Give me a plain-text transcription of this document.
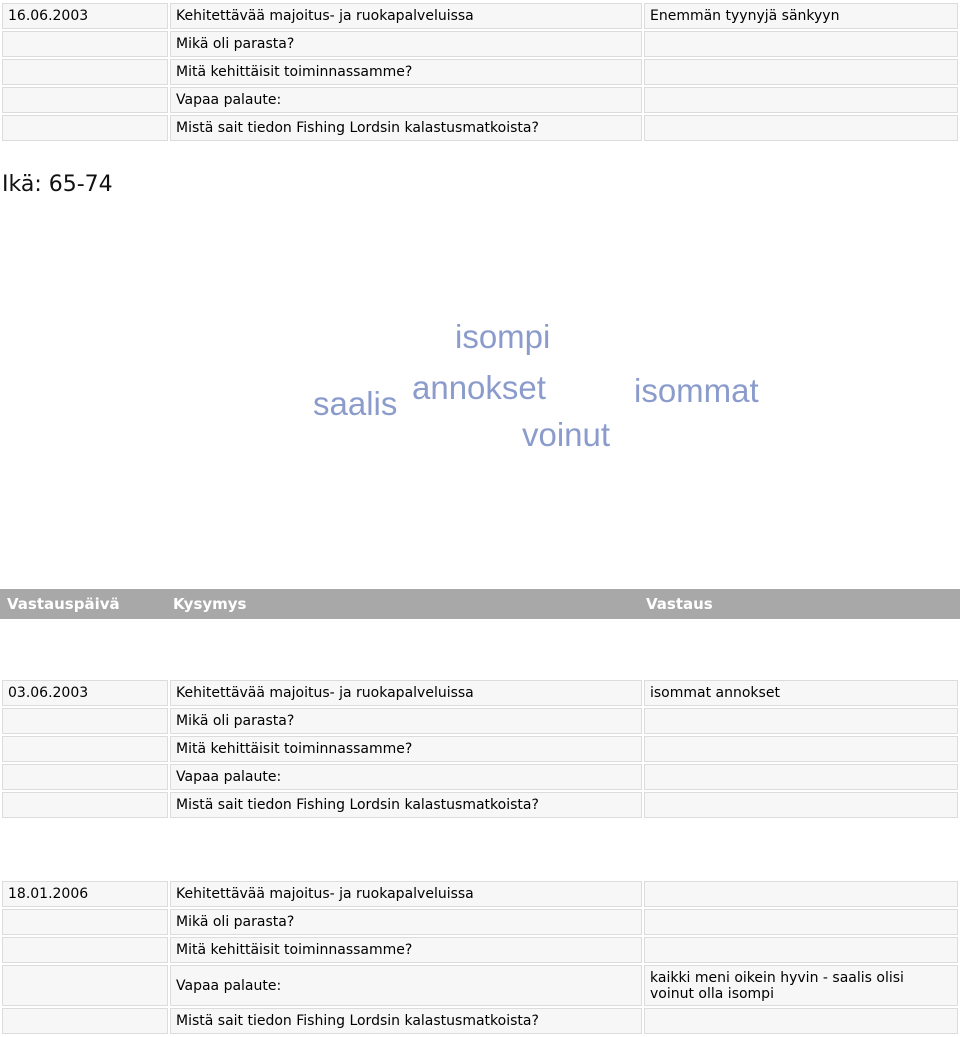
16.06.2003	Kehitettävää majoitus- ja ruokapalveluissa	Enemmän tyynyjä sänkyyn
	Mikä oli parasta?	
	Mitä kehittäisit toiminnassamme?	
	Vapaa palaute:	
	Mistä sait tiedon Fishing Lordsin kalastusmatkoista?	
Ikä: 65-74
isompi
saalis annokset	isommat
voinut
Vastauspäivä	Kysymys	Vastaus
03.06.2003	Kehitettävää majoitus- ja ruokapalveluissa	isommat annokset
	Mikä oli parasta?	
	Mitä kehittäisit toiminnassamme?	
	Vapaa palaute:	
	Mistä sait tiedon Fishing Lordsin kalastusmatkoista?	
18.01.2006	Kehitettävää majoitus- ja ruokapalveluissa	
	Mikä oli parasta?	
	Mitä kehittäisit toiminnassamme?	
	Vapaa palaute:	kaikki meni oikein hyvin - saalis olisi voinut olla isompi
	Mistä sait tiedon Fishing Lordsin kalastusmatkoista?	
